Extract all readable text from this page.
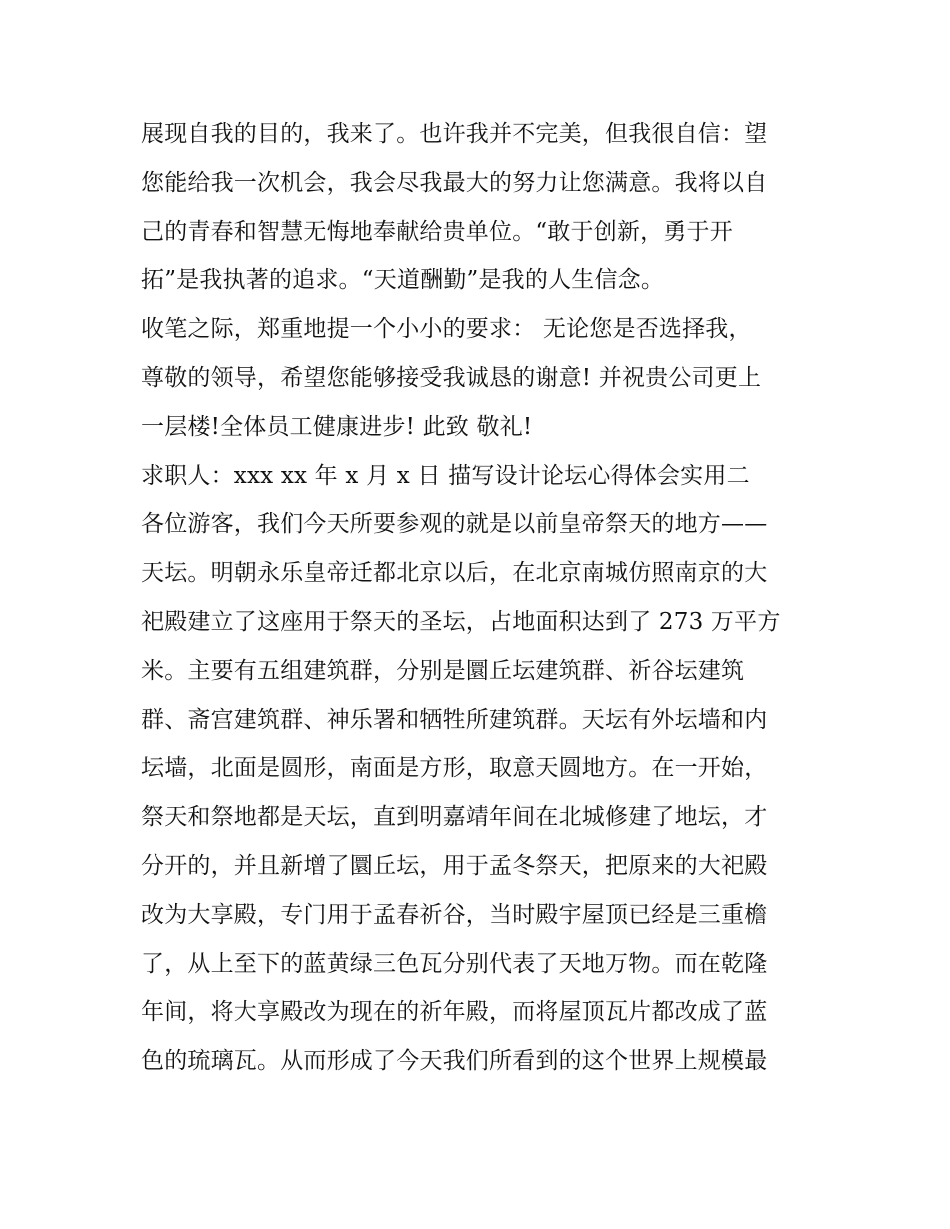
展现自我的目的，我来了。也许我并不完美，但我很自信：望
您能给我一次机会，我会尽我最大的努力让您满意。我将以自
己的青春和智慧无悔地奉献给贵单位。“敢于创新，勇于开
拓”是我执著的追求。“天道酬勤”是我的人生信念。
收笔之际，郑重地提一个小小的要求： 无论您是否选择我，
尊敬的领导，希望您能够接受我诚恳的谢意! 并祝贵公司更上
一层楼!全体员工健康进步! 此致 敬礼!
求职人：xxx xx 年 x 月 x 日 描写设计论坛心得体会实用二
各位游客，我们今天所要参观的就是以前皇帝祭天的地方——
天坛。明朝永乐皇帝迁都北京以后，在北京南城仿照南京的大
祀殿建立了这座用于祭天的圣坛，占地面积达到了 273 万平方
米。主要有五组建筑群，分别是圜丘坛建筑群、祈谷坛建筑
群、斋宫建筑群、神乐署和牺牲所建筑群。天坛有外坛墙和内
坛墙，北面是圆形，南面是方形，取意天圆地方。在一开始，
祭天和祭地都是天坛，直到明嘉靖年间在北城修建了地坛，才
分开的，并且新增了圜丘坛，用于孟冬祭天，把原来的大祀殿
改为大享殿，专门用于孟春祈谷，当时殿宇屋顶已经是三重檐
了，从上至下的蓝黄绿三色瓦分别代表了天地万物。而在乾隆
年间，将大享殿改为现在的祈年殿，而将屋顶瓦片都改成了蓝
色的琉璃瓦。从而形成了今天我们所看到的这个世界上规模最
